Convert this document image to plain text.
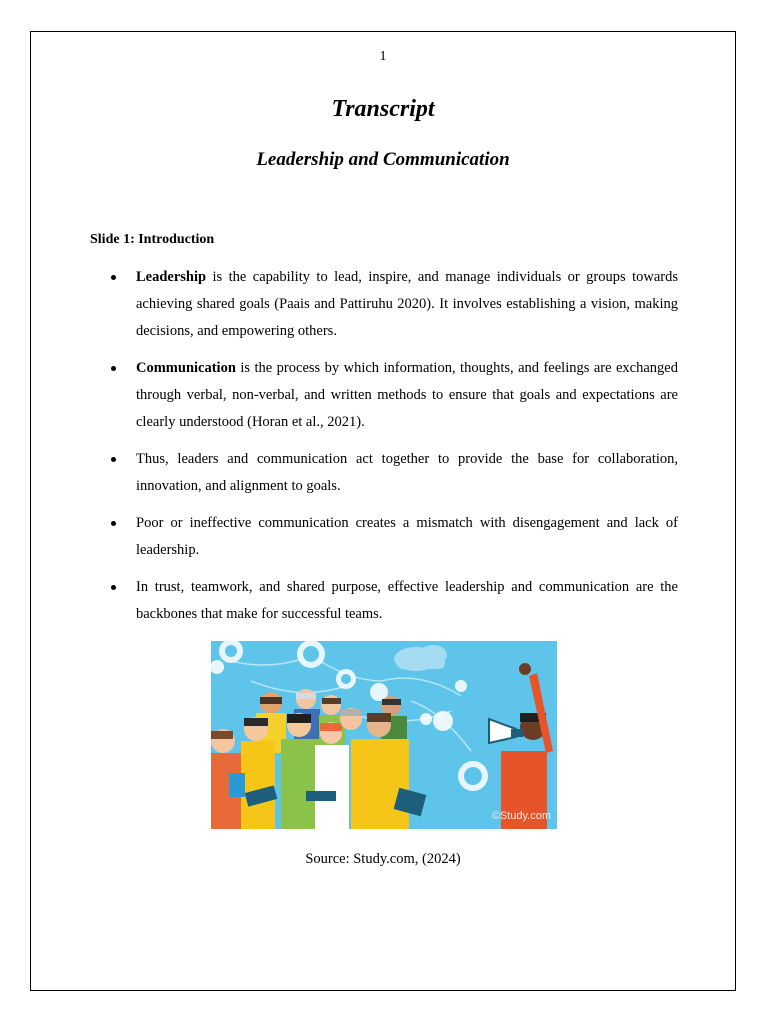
1
Transcript
Leadership and Communication
Slide 1: Introduction
Leadership is the capability to lead, inspire, and manage individuals or groups towards achieving shared goals (Paais and Pattiruhu 2020). It involves establishing a vision, making decisions, and empowering others.
Communication is the process by which information, thoughts, and feelings are exchanged through verbal, non-verbal, and written methods to ensure that goals and expectations are clearly understood (Horan et al., 2021).
Thus, leaders and communication act together to provide the base for collaboration, innovation, and alignment to goals.
Poor or ineffective communication creates a mismatch with disengagement and lack of leadership.
In trust, teamwork, and shared purpose, effective leadership and communication are the backbones that make for successful teams.
©Study.com
Source: Study.com, (2024)
